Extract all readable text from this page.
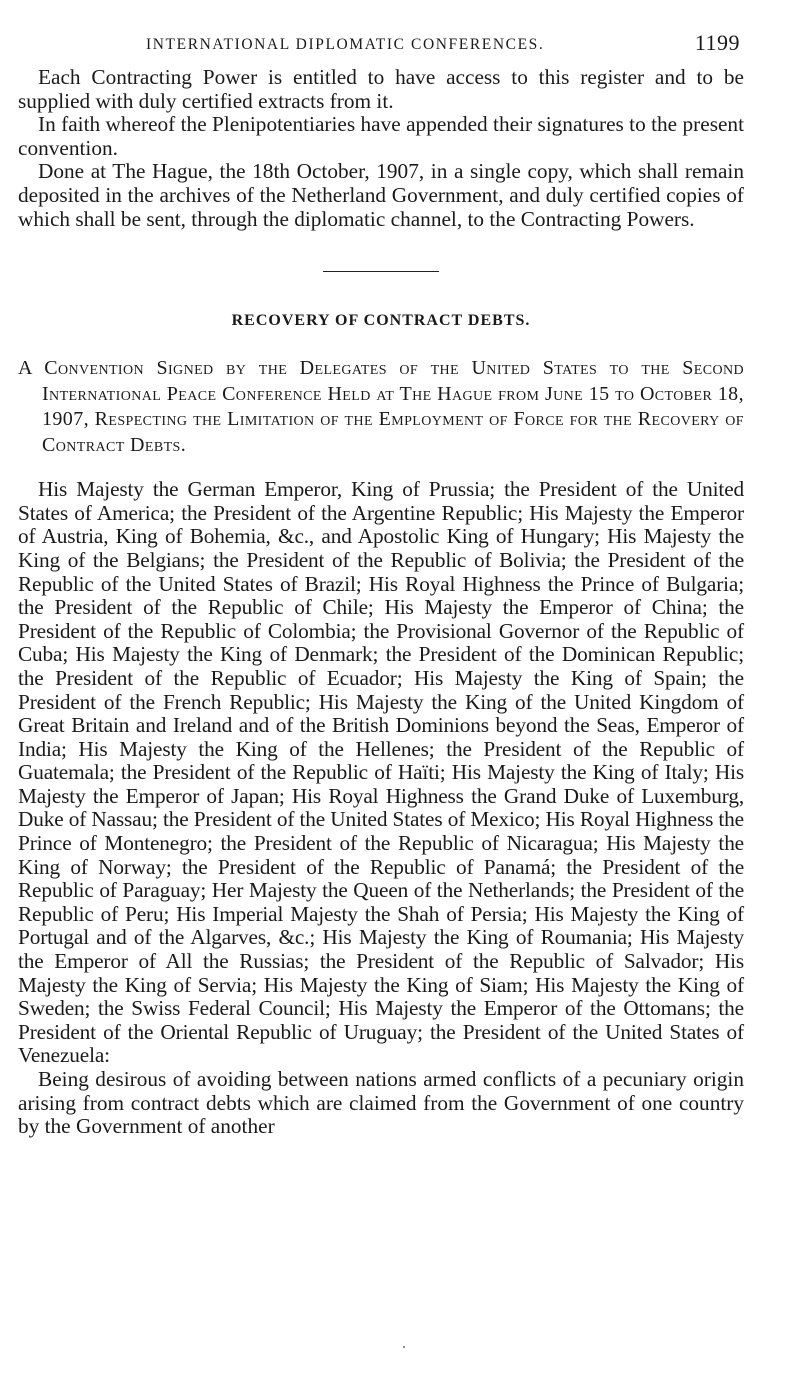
INTERNATIONAL DIPLOMATIC CONFERENCES.	1199

Each Contracting Power is entitled to have access to this register and to be supplied with duly certified extracts from it.

In faith whereof the Plenipotentiaries have appended their signatures to the present convention.

Done at The Hague, the 18th October, 1907, in a single copy, which shall remain deposited in the archives of the Netherland Government, and duly certified copies of which shall be sent, through the diplomatic channel, to the Contracting Powers.

RECOVERY OF CONTRACT DEBTS.
A Convention Signed by the Delegates of the United States to the Second International Peace Conference Held at The Hague from June 15 to October 18, 1907, Respecting the Limitation of the Employment of Force for the Recovery of Contract Debts.

His Majesty the German Emperor, King of Prussia; the President of the United States of America; the President of the Argentine Republic; His Majesty the Emperor of Austria, King of Bohemia, &c., and Apostolic King of Hungary; His Majesty the King of the Belgians; the President of the Republic of Bolivia; the President of the Republic of the United States of Brazil; His Royal Highness the Prince of Bulgaria; the President of the Republic of Chile; His Majesty the Emperor of China; the President of the Republic of Colombia; the Provisional Governor of the Republic of Cuba; His Majesty the King of Denmark; the President of the Dominican Republic; the President of the Republic of Ecuador; His Majesty the King of Spain; the President of the French Republic; His Majesty the King of the United Kingdom of Great Britain and Ireland and of the British Dominions beyond the Seas, Emperor of India; His Majesty the King of the Hellenes; the President of the Republic of Guatemala; the President of the Republic of Haïti; His Majesty the King of Italy; His Majesty the Emperor of Japan; His Royal Highness the Grand Duke of Luxemburg, Duke of Nassau; the President of the United States of Mexico; His Royal Highness the Prince of Montenegro; the President of the Republic of Nicaragua; His Majesty the King of Norway; the President of the Republic of Panamá; the President of the Republic of Paraguay; Her Majesty the Queen of the Netherlands; the President of the Republic of Peru; His Imperial Majesty the Shah of Persia; His Majesty the King of Portugal and of the Algarves, &c.; His Majesty the King of Roumania; His Majesty the Emperor of All the Russias; the President of the Republic of Salvador; His Majesty the King of Servia; His Majesty the King of Siam; His Majesty the King of Sweden; the Swiss Federal Council; His Majesty the Emperor of the Ottomans; the President of the Oriental Republic of Uruguay; the President of the United States of Venezuela:

Being desirous of avoiding between nations armed conflicts of a pecuniary origin arising from contract debts which are claimed from the Government of one country by the Government of another
